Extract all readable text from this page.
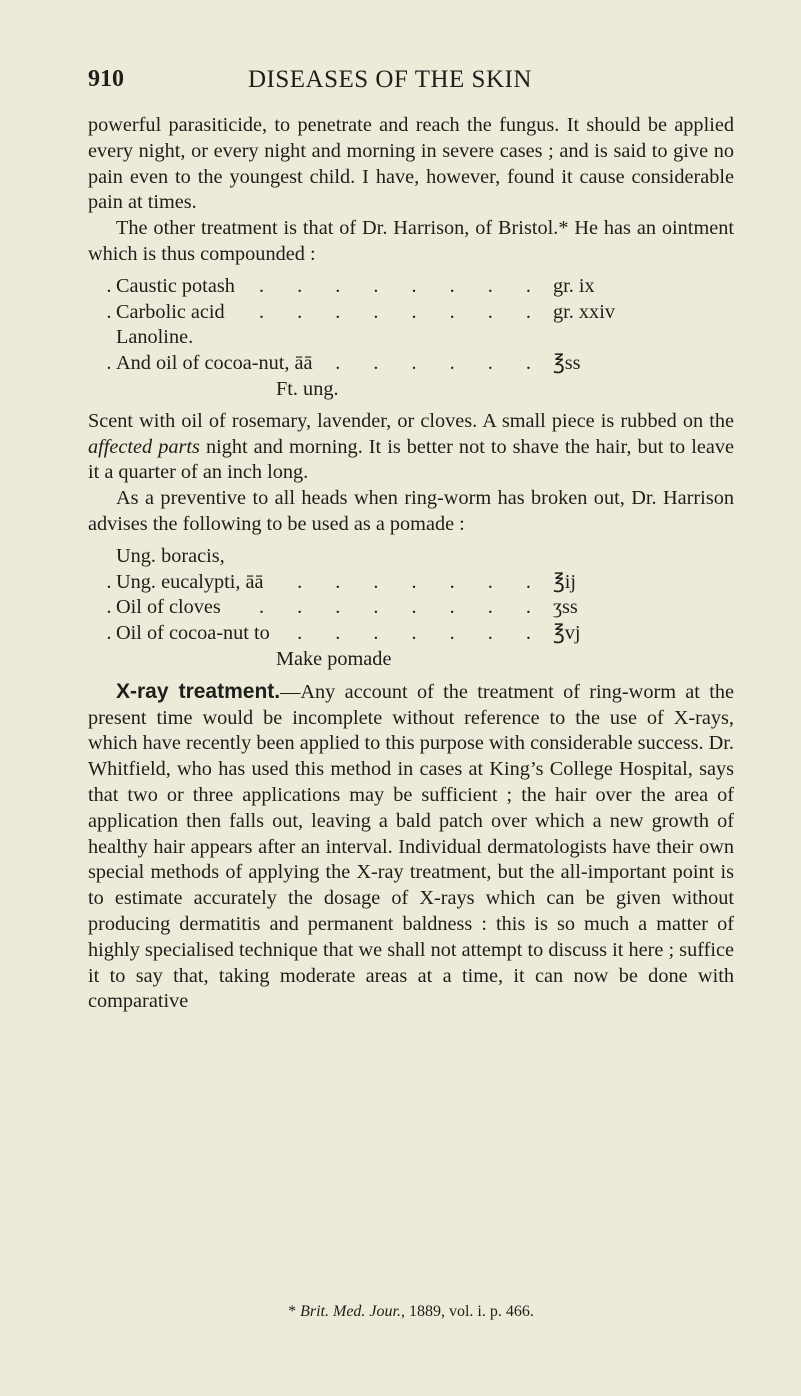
910	DISEASES OF THE SKIN

powerful parasiticide, to penetrate and reach the fungus. It should be applied every night, or every night and morning in severe cases ; and is said to give no pain even to the youngest child. I have, however, found it cause considerable pain at times.

The other treatment is that of Dr. Harrison, of Bristol.* He has an ointment which is thus compounded :

Caustic potash . . .	gr. ix
Carbolic acid . . .	gr. xxiv
Lanoline.
And oil of cocoa-nut, āā . . .	℥ss
Ft. ung.

Scent with oil of rosemary, lavender, or cloves. A small piece is rubbed on the affected parts night and morning. It is better not to shave the hair, but to leave it a quarter of an inch long.

As a preventive to all heads when ring-worm has broken out, Dr. Harrison advises the following to be used as a pomade :

Ung. boracis,
Ung. eucalypti, āā . . .	℥ij
Oil of cloves . . .	ʒss
Oil of cocoa-nut to . . .	℥vj
Make pomade

X-ray treatment.—Any account of the treatment of ring-worm at the present time would be incomplete without reference to the use of X-rays, which have recently been applied to this purpose with considerable success. Dr. Whitfield, who has used this method in cases at King’s College Hospital, says that two or three applications may be sufficient ; the hair over the area of application then falls out, leaving a bald patch over which a new growth of healthy hair appears after an interval. Individual dermatologists have their own special methods of applying the X-ray treatment, but the all-important point is to estimate accurately the dosage of X-rays which can be given without producing dermatitis and permanent baldness : this is so much a matter of highly specialised technique that we shall not attempt to discuss it here ; suffice it to say that, taking moderate areas at a time, it can now be done with comparative

* Brit. Med. Jour., 1889, vol. i. p. 466.
